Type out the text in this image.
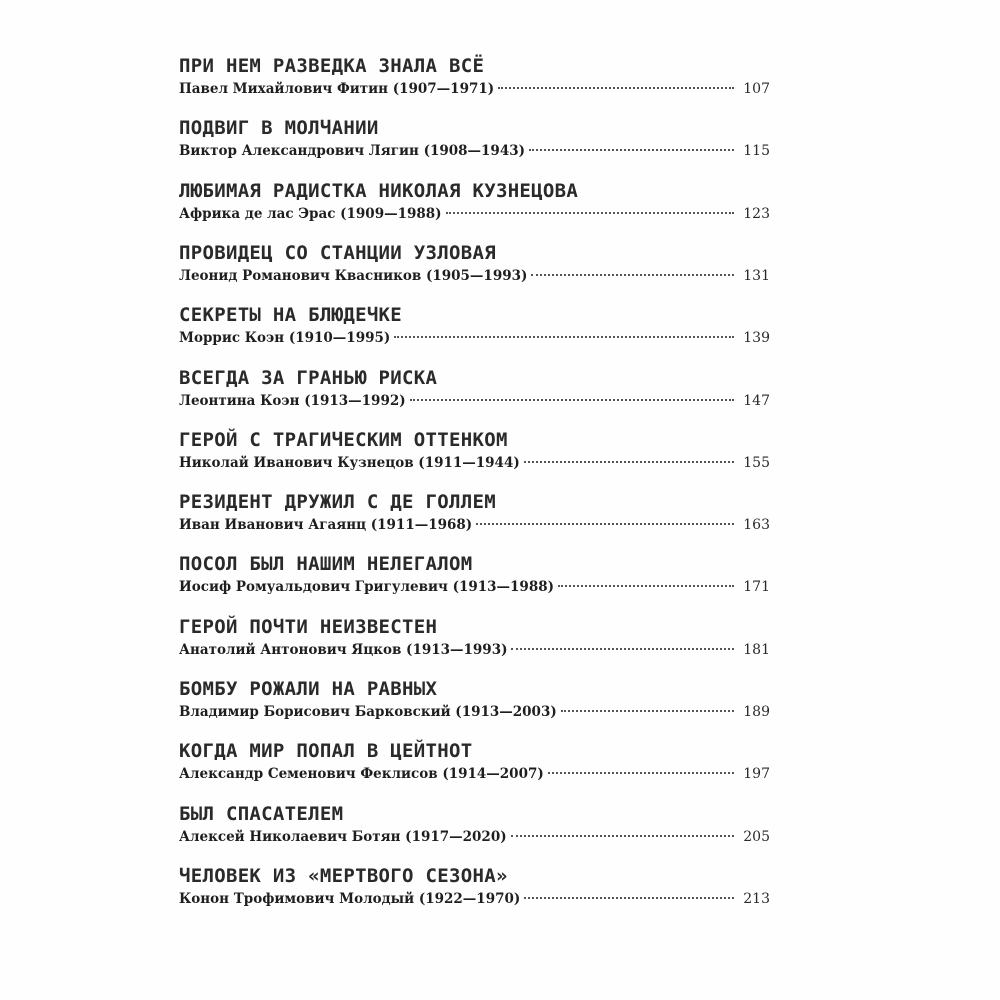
ПРИ НЕМ РАЗВЕДКА ЗНАЛА ВСЁ
Павел Михайлович Фитин (1907—1971)	107
ПОДВИГ В МОЛЧАНИИ
Виктор Александрович Лягин (1908—1943)	115
ЛЮБИМАЯ РАДИСТКА НИКОЛАЯ КУЗНЕЦОВА
Африка де лас Эрас (1909—1988)	123
ПРОВИДЕЦ СО СТАНЦИИ УЗЛОВАЯ
Леонид Романович Квасников (1905—1993)	131
СЕКРЕТЫ НА БЛЮДЕЧКЕ
Моррис Коэн (1910—1995)	139
ВСЕГДА ЗА ГРАНЬЮ РИСКА
Леонтина Коэн (1913—1992)	147
ГЕРОЙ С ТРАГИЧЕСКИМ ОТТЕНКОМ
Николай Иванович Кузнецов (1911—1944)	155
РЕЗИДЕНТ ДРУЖИЛ С ДЕ ГОЛЛЕМ
Иван Иванович Агаянц (1911—1968)	163
ПОСОЛ БЫЛ НАШИМ НЕЛЕГАЛОМ
Иосиф Ромуальдович Григулевич (1913—1988)	171
ГЕРОЙ ПОЧТИ НЕИЗВЕСТЕН
Анатолий Антонович Яцков (1913—1993)	181
БОМБУ РОЖАЛИ НА РАВНЫХ
Владимир Борисович Барковский (1913—2003)	189
КОГДА МИР ПОПАЛ В ЦЕЙТНОТ
Александр Семенович Феклисов (1914—2007)	197
БЫЛ СПАСАТЕЛЕМ
Алексей Николаевич Ботян (1917—2020)	205
ЧЕЛОВЕК ИЗ «МЕРТВОГО СЕЗОНА»
Конон Трофимович Молодый (1922—1970)	213
